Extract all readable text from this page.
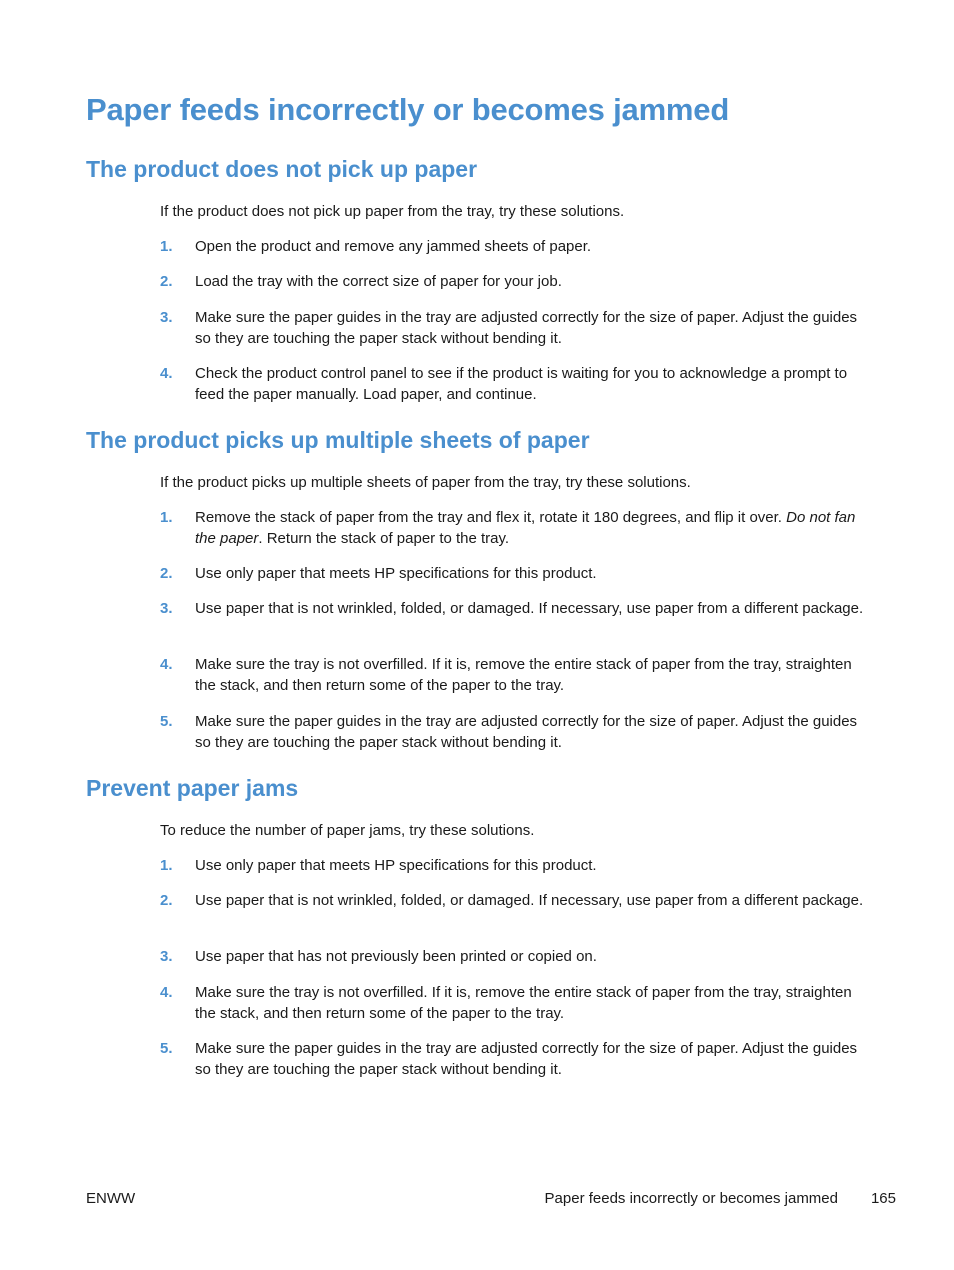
Paper feeds incorrectly or becomes jammed
The product does not pick up paper

If the product does not pick up paper from the tray, try these solutions.

1. Open the product and remove any jammed sheets of paper.
2. Load the tray with the correct size of paper for your job.
3. Make sure the paper guides in the tray are adjusted correctly for the size of paper. Adjust the guides so they are touching the paper stack without bending it.
4. Check the product control panel to see if the product is waiting for you to acknowledge a prompt to feed the paper manually. Load paper, and continue.
The product picks up multiple sheets of paper

If the product picks up multiple sheets of paper from the tray, try these solutions.

1. Remove the stack of paper from the tray and flex it, rotate it 180 degrees, and flip it over. Do not fan the paper. Return the stack of paper to the tray.
2. Use only paper that meets HP specifications for this product.
3. Use paper that is not wrinkled, folded, or damaged. If necessary, use paper from a different package.
4. Make sure the tray is not overfilled. If it is, remove the entire stack of paper from the tray, straighten the stack, and then return some of the paper to the tray.
5. Make sure the paper guides in the tray are adjusted correctly for the size of paper. Adjust the guides so they are touching the paper stack without bending it.
Prevent paper jams

To reduce the number of paper jams, try these solutions.

1. Use only paper that meets HP specifications for this product.
2. Use paper that is not wrinkled, folded, or damaged. If necessary, use paper from a different package.
3. Use paper that has not previously been printed or copied on.
4. Make sure the tray is not overfilled. If it is, remove the entire stack of paper from the tray, straighten the stack, and then return some of the paper to the tray.
5. Make sure the paper guides in the tray are adjusted correctly for the size of paper. Adjust the guides so they are touching the paper stack without bending it.
ENWW	Paper feeds incorrectly or becomes jammed 165
